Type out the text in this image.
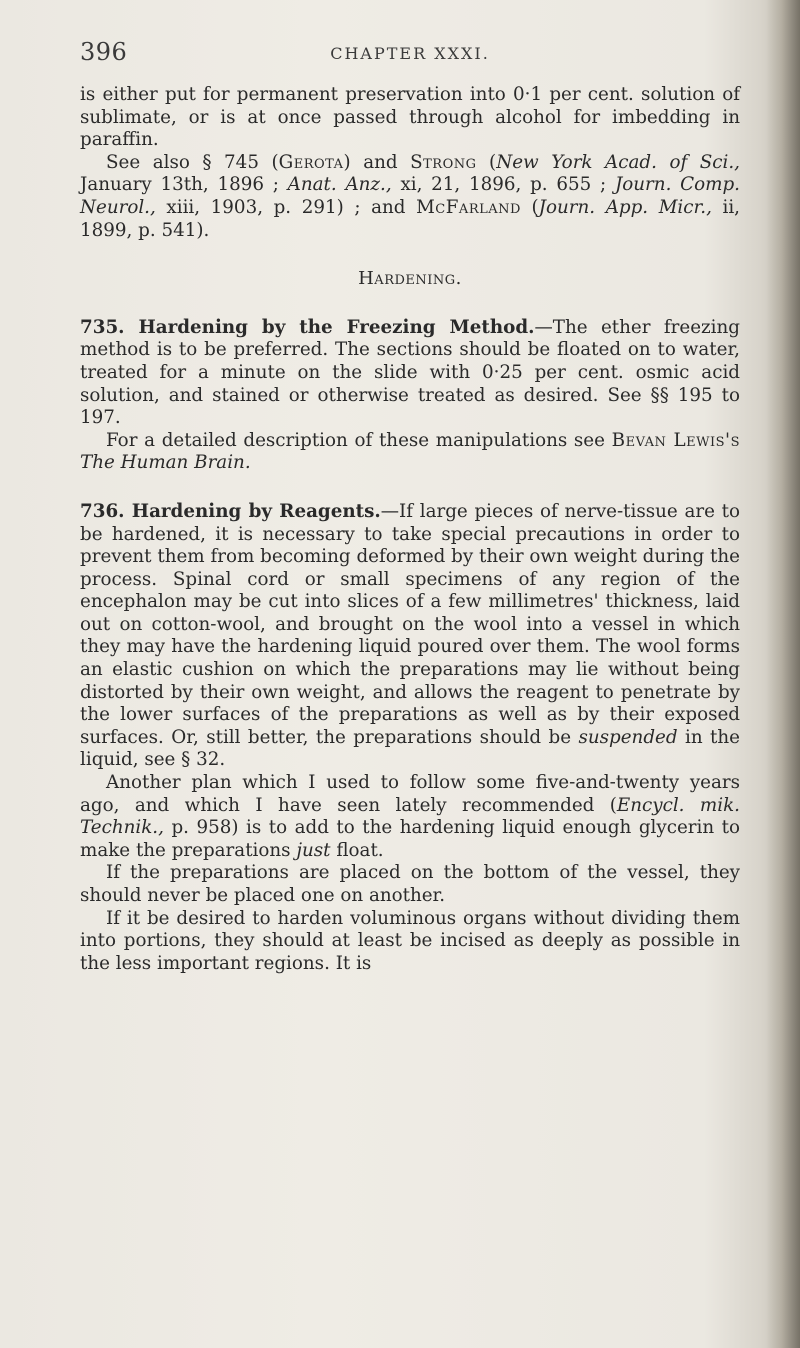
396	CHAPTER XXXI.

is either put for permanent preservation into 0·1 per cent. solution of sublimate, or is at once passed through alcohol for imbedding in paraffin.

See also § 745 (Gerota) and Strong (New York Acad. of Sci., January 13th, 1896 ; Anat. Anz., xi, 21, 1896, p. 655 ; Journ. Comp. Neurol., xiii, 1903, p. 291) ; and McFarland (Journ. App. Micr., ii, 1899, p. 541).

Hardening.

735. Hardening by the Freezing Method.—The ether freezing method is to be preferred. The sections should be floated on to water, treated for a minute on the slide with 0·25 per cent. osmic acid solution, and stained or otherwise treated as desired. See §§ 195 to 197.

For a detailed description of these manipulations see Bevan Lewis's The Human Brain.

736. Hardening by Reagents.—If large pieces of nerve-tissue are to be hardened, it is necessary to take special precautions in order to prevent them from becoming deformed by their own weight during the process. Spinal cord or small specimens of any region of the encephalon may be cut into slices of a few millimetres' thickness, laid out on cotton-wool, and brought on the wool into a vessel in which they may have the hardening liquid poured over them. The wool forms an elastic cushion on which the preparations may lie without being distorted by their own weight, and allows the reagent to penetrate by the lower surfaces of the preparations as well as by their exposed surfaces. Or, still better, the preparations should be suspended in the liquid, see § 32.

Another plan which I used to follow some five-and-twenty years ago, and which I have seen lately recommended (Encycl. mik. Technik., p. 958) is to add to the hardening liquid enough glycerin to make the preparations just float.

If the preparations are placed on the bottom of the vessel, they should never be placed one on another.

If it be desired to harden voluminous organs without dividing them into portions, they should at least be incised as deeply as possible in the less important regions. It is
